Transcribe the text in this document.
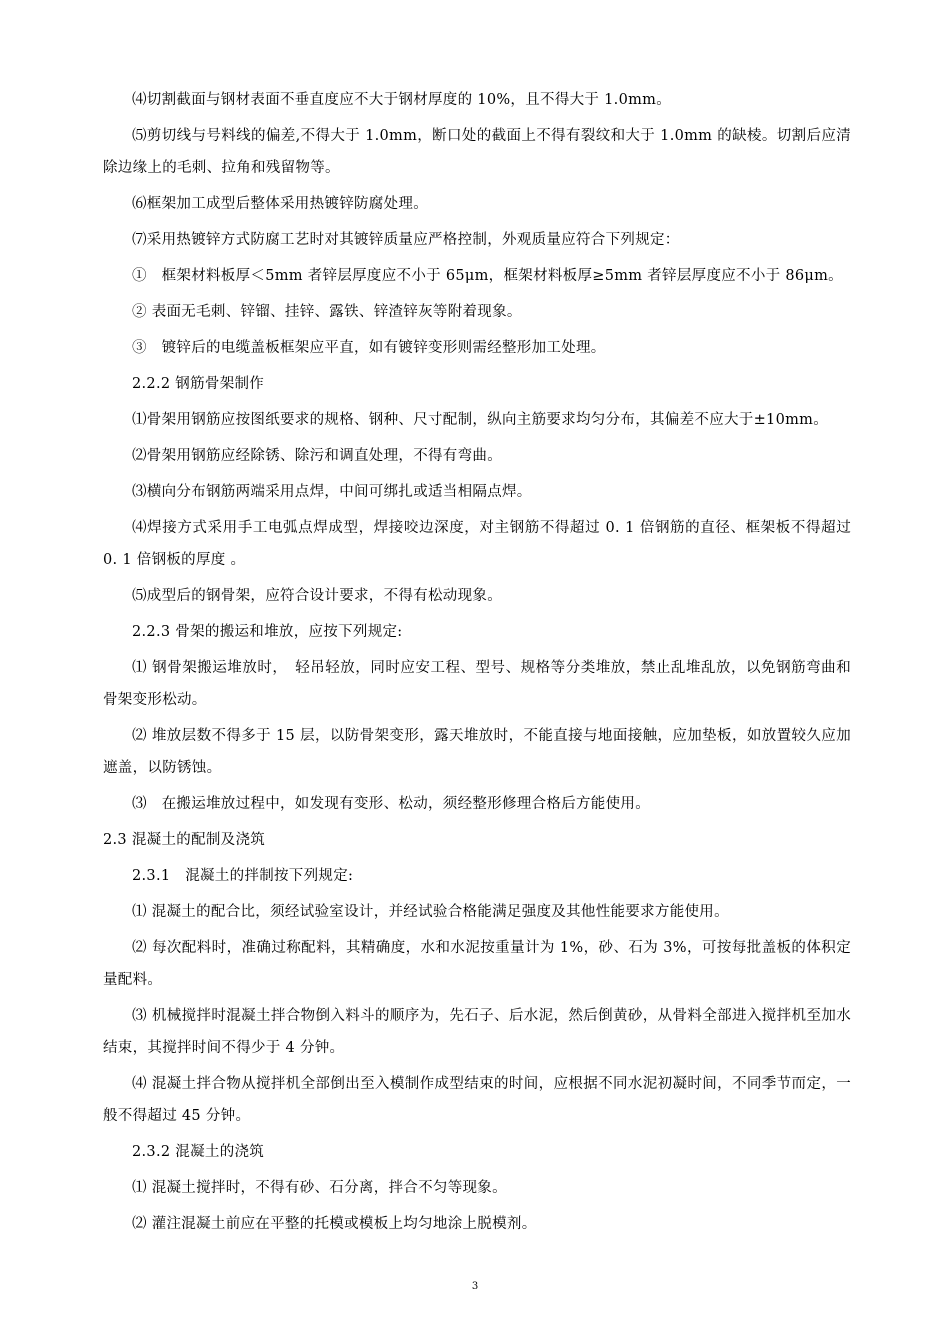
⑷切割截面与钢材表面不垂直度应不大于钢材厚度的 10%，且不得大于 1.0mm。

⑸剪切线与号料线的偏差,不得大于 1.0mm，断口处的截面上不得有裂纹和大于 1.0mm 的缺棱。切割后应清除边缘上的毛刺、拉角和残留物等。

⑹框架加工成型后整体采用热镀锌防腐处理。

⑺采用热镀锌方式防腐工艺时对其镀锌质量应严格控制，外观质量应符合下列规定：

①　框架材料板厚＜5mm 者锌层厚度应不小于 65μm，框架材料板厚≥5mm 者锌层厚度应不小于 86μm。

② 表面无毛刺、锌镏、挂锌、露铁、锌渣锌灰等附着现象。

③　镀锌后的电缆盖板框架应平直，如有镀锌变形则需经整形加工处理。

2.2.2 钢筋骨架制作

⑴骨架用钢筋应按图纸要求的规格、钢种、尺寸配制，纵向主筋要求均匀分布，其偏差不应大于±10mm。

⑵骨架用钢筋应经除锈、除污和调直处理，不得有弯曲。

⑶横向分布钢筋两端采用点焊，中间可绑扎或适当相隔点焊。

⑷焊接方式采用手工电弧点焊成型，焊接咬边深度，对主钢筋不得超过 0. 1 倍钢筋的直径、框架板不得超过 0. 1 倍钢板的厚度 。

⑸成型后的钢骨架，应符合设计要求，不得有松动现象。

2.2.3 骨架的搬运和堆放，应按下列规定:

⑴ 钢骨架搬运堆放时，　轻吊轻放，同时应安工程、型号、规格等分类堆放，禁止乱堆乱放，以免钢筋弯曲和骨架变形松动。

⑵ 堆放层数不得多于 15 层，以防骨架变形，露天堆放时，不能直接与地面接触，应加垫板，如放置较久应加遮盖，以防锈蚀。

⑶　在搬运堆放过程中，如发现有变形、松动，须经整形修理合格后方能使用。

2.3 混凝土的配制及浇筑

2.3.1　混凝土的拌制按下列规定:

⑴ 混凝土的配合比，须经试验室设计，并经试验合格能满足强度及其他性能要求方能使用。

⑵ 每次配料时，准确过称配料，其精确度，水和水泥按重量计为 1%，砂、石为 3%，可按每批盖板的体积定量配料。

⑶ 机械搅拌时混凝土拌合物倒入料斗的顺序为，先石子、后水泥，然后倒黄砂，从骨料全部进入搅拌机至加水结束，其搅拌时间不得少于 4 分钟。

⑷ 混凝土拌合物从搅拌机全部倒出至入模制作成型结束的时间，应根据不同水泥初凝时间，不同季节而定，一般不得超过 45 分钟。

2.3.2 混凝土的浇筑

⑴ 混凝土搅拌时，不得有砂、石分离，拌合不匀等现象。

⑵ 灌注混凝土前应在平整的托模或模板上均匀地涂上脱模剂。

3
